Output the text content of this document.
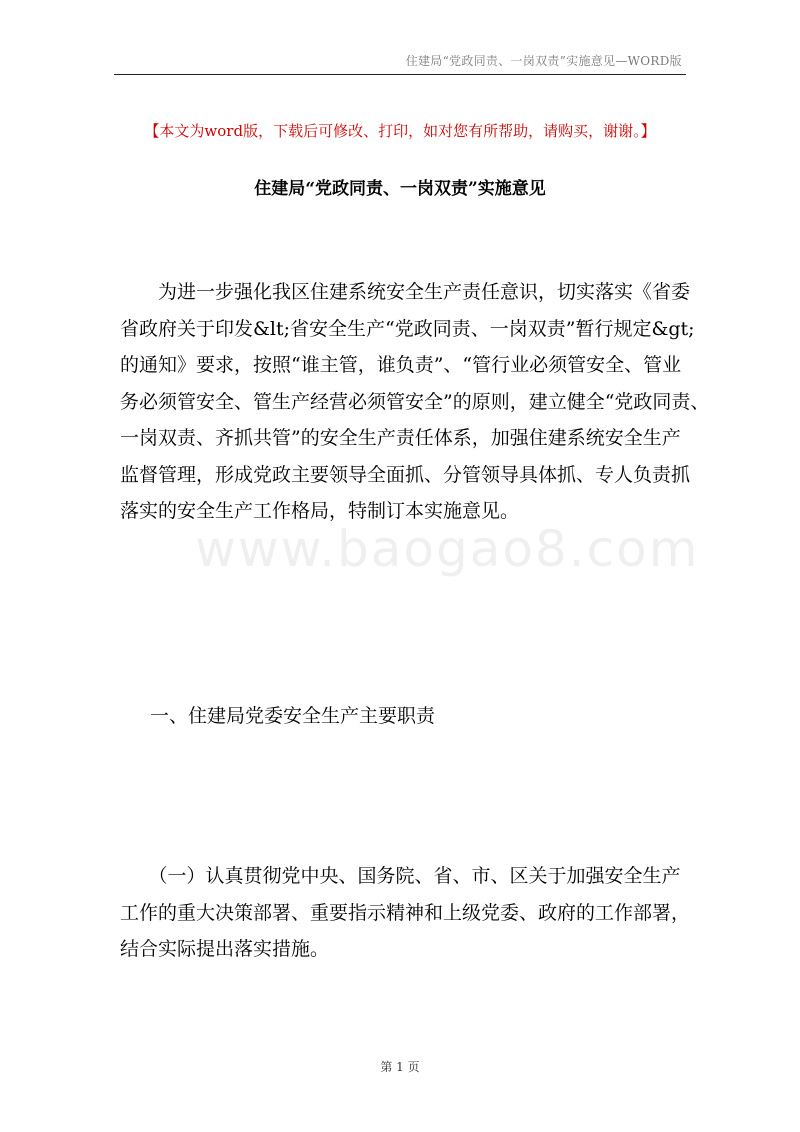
住建局“党政同责、一岗双责”实施意见—WORD版
【本文为word版，下载后可修改、打印，如对您有所帮助，请购买，谢谢。】
住建局“党政同责、一岗双责”实施意见
　　为进一步强化我区住建系统安全生产责任意识，切实落实《省委
省政府关于印发&lt;省安全生产“党政同责、一岗双责”暂行规定&gt;
的通知》要求，按照“谁主管，谁负责”、“管行业必须管安全、管业
务必须管安全、管生产经营必须管安全”的原则，建立健全“党政同责、
一岗双责、齐抓共管”的安全生产责任体系，加强住建系统安全生产
监督管理，形成党政主要领导全面抓、分管领导具体抓、专人负责抓
落实的安全生产工作格局，特制订本实施意见。
www.baogao8.com
一、住建局党委安全生产主要职责
　　（一）认真贯彻党中央、国务院、省、市、区关于加强安全生产
工作的重大决策部署、重要指示精神和上级党委、政府的工作部署，
结合实际提出落实措施。
第 1 页
